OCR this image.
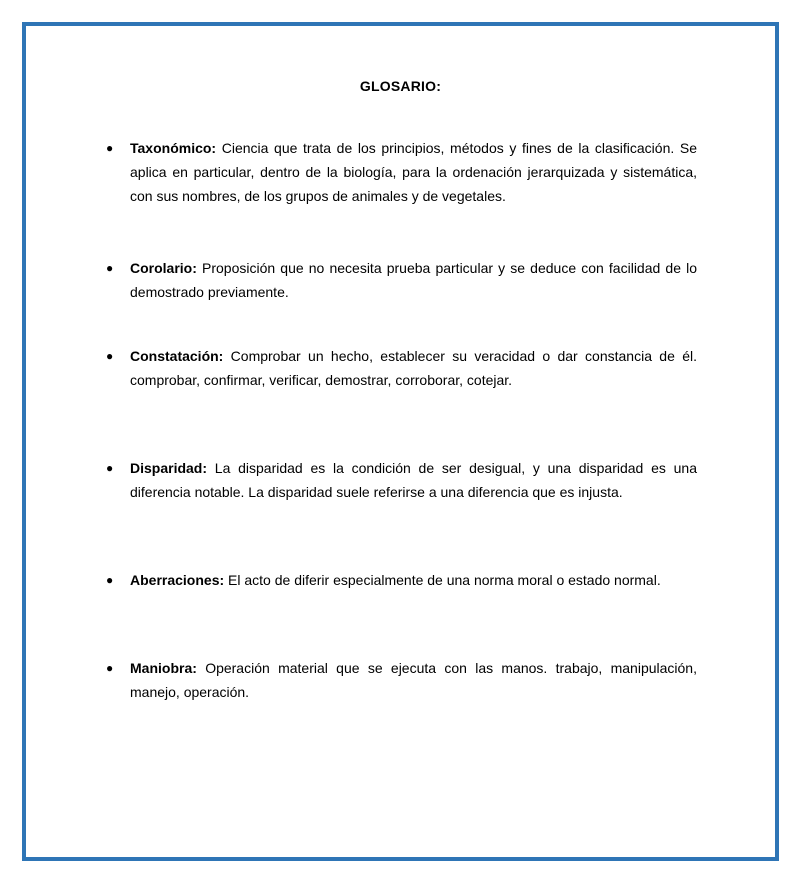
GLOSARIO:
● Taxonómico: Ciencia que trata de los principios, métodos y fines de la clasificación. Se aplica en particular, dentro de la biología, para la ordenación jerarquizada y sistemática, con sus nombres, de los grupos de animales y de vegetales.
● Corolario: Proposición que no necesita prueba particular y se deduce con facilidad de lo demostrado previamente.
● Constatación: Comprobar un hecho, establecer su veracidad o dar constancia de él. comprobar, confirmar, verificar, demostrar, corroborar, cotejar.
● Disparidad: La disparidad es la condición de ser desigual, y una disparidad es una diferencia notable. La disparidad suele referirse a una diferencia que es injusta.
● Aberraciones: El acto de diferir especialmente de una norma moral o estado normal.
● Maniobra: Operación material que se ejecuta con las manos. trabajo, manipulación, manejo, operación.
